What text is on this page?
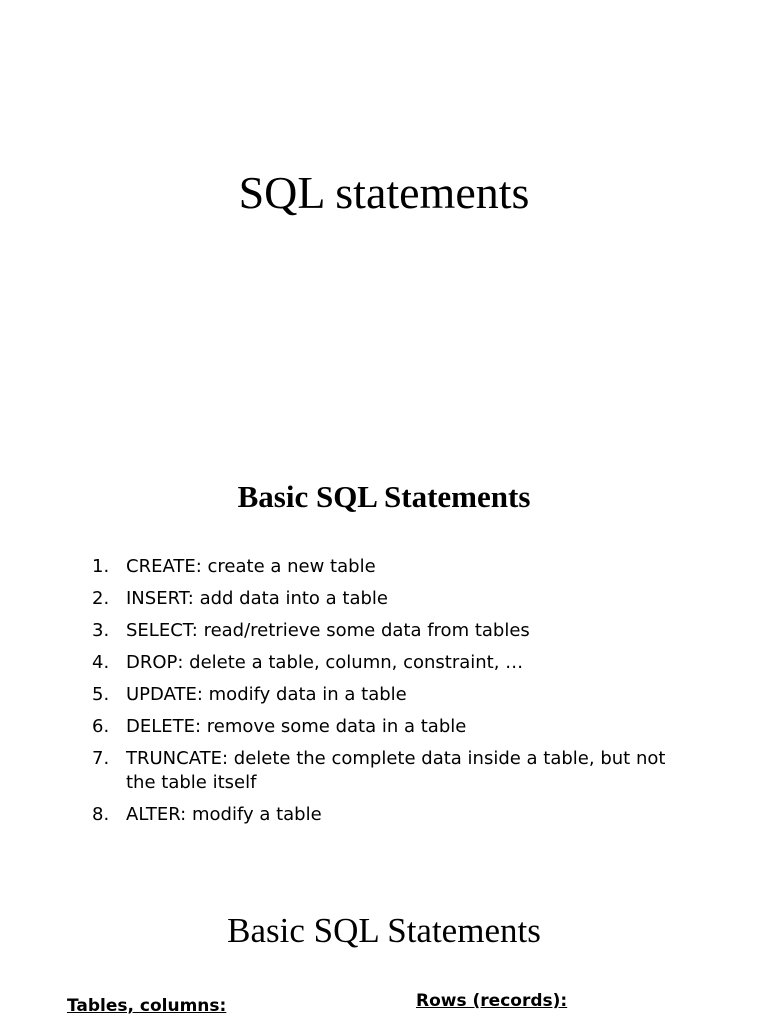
SQL statements
Basic SQL Statements
1. CREATE: create a new table
2. INSERT: add data into a table
3. SELECT: read/retrieve some data from tables
4. DROP: delete a table, column, constraint, …
5. UPDATE: modify data in a table
6. DELETE: remove some data in a table
7. TRUNCATE: delete the complete data inside a table, but not the table itself
8. ALTER: modify a table
Basic SQL Statements
Tables, columns:	Rows (records):
